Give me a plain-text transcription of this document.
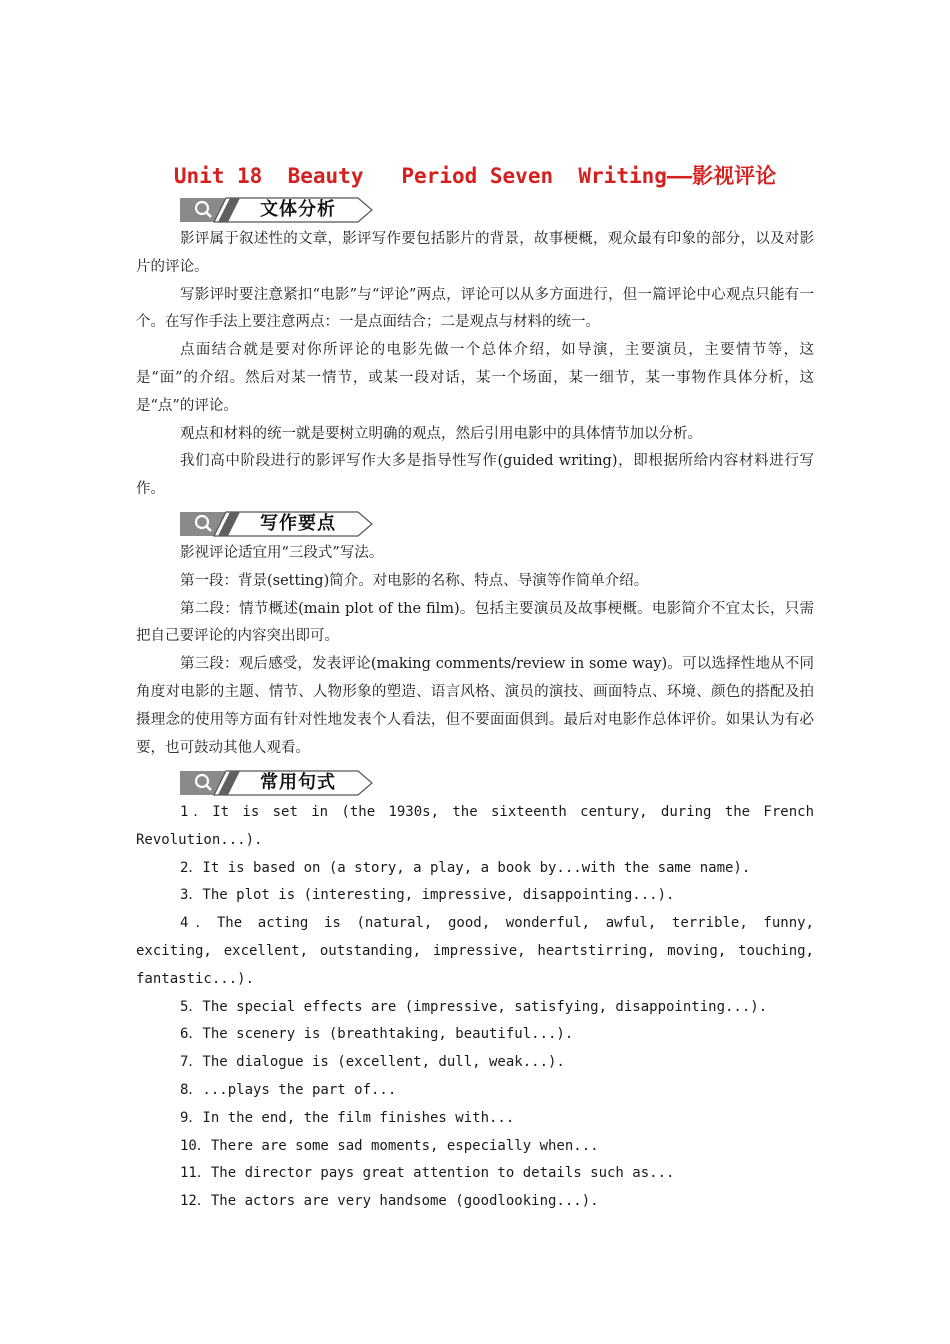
Unit 18  Beauty   Period Seven  Writing——影视评论
文体分析

影评属于叙述性的文章，影评写作要包括影片的背景，故事梗概，观众最有印象的部分，以及对影片的评论。

写影评时要注意紧扣“电影”与“评论”两点，评论可以从多方面进行，但一篇评论中心观点只能有一个。在写作手法上要注意两点：一是点面结合；二是观点与材料的统一。

点面结合就是要对你所评论的电影先做一个总体介绍，如导演，主要演员，主要情节等，这是“面”的介绍。然后对某一情节，或某一段对话，某一个场面，某一细节，某一事物作具体分析，这是“点”的评论。

观点和材料的统一就是要树立明确的观点，然后引用电影中的具体情节加以分析。

我们高中阶段进行的影评写作大多是指导性写作(guided writing)，即根据所给内容材料进行写作。

写作要点

影视评论适宜用“三段式”写法。

第一段：背景(setting)简介。对电影的名称、特点、导演等作简单介绍。

第二段：情节概述(main plot of the film)。包括主要演员及故事梗概。电影简介不宜太长，只需把自己要评论的内容突出即可。

第三段：观后感受，发表评论(making comments/review in some way)。可以选择性地从不同角度对电影的主题、情节、人物形象的塑造、语言风格、演员的演技、画面特点、环境、颜色的搭配及拍摄理念的使用等方面有针对性地发表个人看法，但不要面面俱到。最后对电影作总体评价。如果认为有必要，也可鼓动其他人观看。

常用句式

1．It is set in (the 1930s, the sixteenth century, during the French Revolution...).

2．It is based on (a story, a play, a book by...with the same name).

3．The plot is (interesting, impressive, disappointing...).

4．The acting is (natural, good, wonderful, awful, terrible, funny, exciting, excellent, outstanding, impressive, heartstirring, moving, touching, fantastic...).

5．The special effects are (impressive, satisfying, disappointing...).

6．The scenery is (breathtaking, beautiful...).

7．The dialogue is (excellent, dull, weak...).

8．...plays the part of...

9．In the end, the film finishes with...

10．There are some sad moments, especially when...

11．The director pays great attention to details such as...

12．The actors are very handsome (goodlooking...).
